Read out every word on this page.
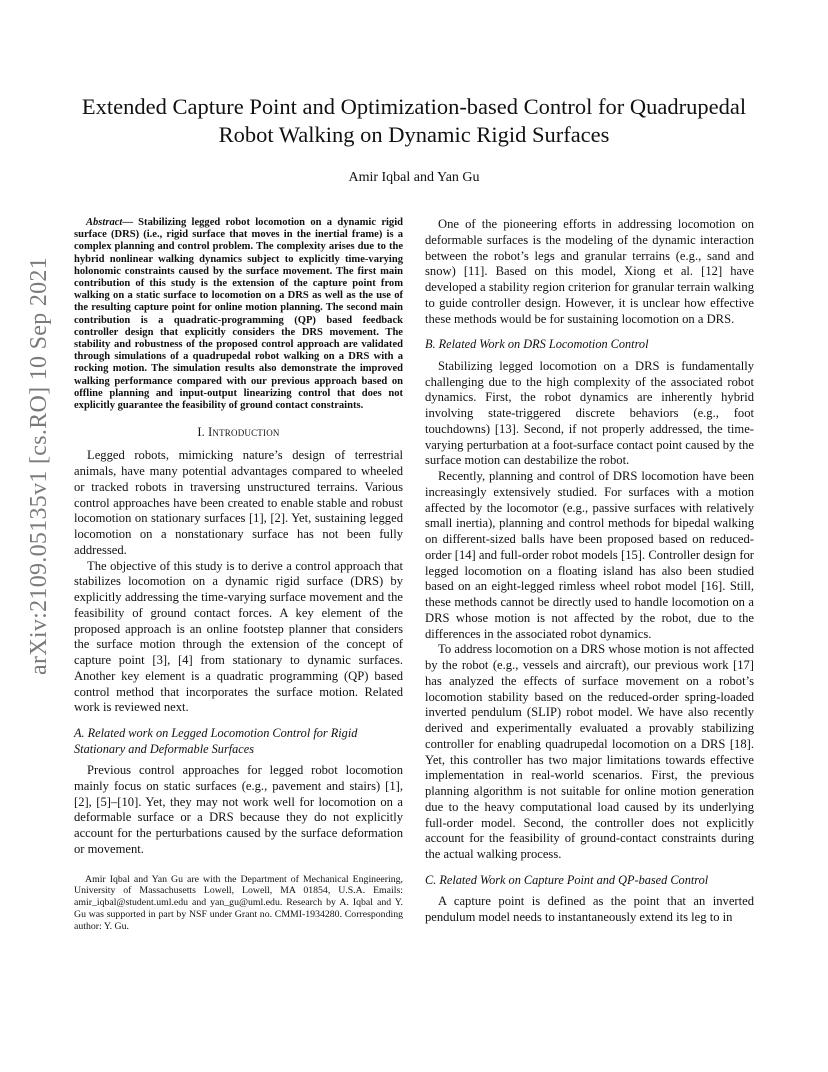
Extended Capture Point and Optimization-based Control for Quadrupedal Robot Walking on Dynamic Rigid Surfaces
Amir Iqbal and Yan Gu
arXiv:2109.05135v1 [cs.RO] 10 Sep 2021

Abstract— Stabilizing legged robot locomotion on a dynamic rigid surface (DRS) (i.e., rigid surface that moves in the inertial frame) is a complex planning and control problem. The complexity arises due to the hybrid nonlinear walking dynamics subject to explicitly time-varying holonomic constraints caused by the surface movement. The first main contribution of this study is the extension of the capture point from walking on a static surface to locomotion on a DRS as well as the use of the resulting capture point for online motion planning. The second main contribution is a quadratic-programming (QP) based feedback controller design that explicitly considers the DRS movement. The stability and robustness of the proposed control approach are validated through simulations of a quadrupedal robot walking on a DRS with a rocking motion. The simulation results also demonstrate the improved walking performance compared with our previous approach based on offline planning and input-output linearizing control that does not explicitly guarantee the feasibility of ground contact constraints.

I. Introduction

Legged robots, mimicking nature’s design of terrestrial animals, have many potential advantages compared to wheeled or tracked robots in traversing unstructured terrains. Various control approaches have been created to enable stable and robust locomotion on stationary surfaces [1], [2]. Yet, sustaining legged locomotion on a nonstationary surface has not been fully addressed.

The objective of this study is to derive a control approach that stabilizes locomotion on a dynamic rigid surface (DRS) by explicitly addressing the time-varying surface movement and the feasibility of ground contact forces. A key element of the proposed approach is an online footstep planner that considers the surface motion through the extension of the concept of capture point [3], [4] from stationary to dynamic surfaces. Another key element is a quadratic programming (QP) based control method that incorporates the surface motion. Related work is reviewed next.

A. Related work on Legged Locomotion Control for Rigid Stationary and Deformable Surfaces

Previous control approaches for legged robot locomotion mainly focus on static surfaces (e.g., pavement and stairs) [1], [2], [5]–[10]. Yet, they may not work well for locomotion on a deformable surface or a DRS because they do not explicitly account for the perturbations caused by the surface deformation or movement.

Amir Iqbal and Yan Gu are with the Department of Mechanical Engineering, University of Massachusetts Lowell, Lowell, MA 01854, U.S.A. Emails: amir_iqbal@student.uml.edu and yan_gu@uml.edu. Research by A. Iqbal and Y. Gu was supported in part by NSF under Grant no. CMMI-1934280. Corresponding author: Y. Gu.

One of the pioneering efforts in addressing locomotion on deformable surfaces is the modeling of the dynamic interaction between the robot’s legs and granular terrains (e.g., sand and snow) [11]. Based on this model, Xiong et al. [12] have developed a stability region criterion for granular terrain walking to guide controller design. However, it is unclear how effective these methods would be for sustaining locomotion on a DRS.

B. Related Work on DRS Locomotion Control

Stabilizing legged locomotion on a DRS is fundamentally challenging due to the high complexity of the associated robot dynamics. First, the robot dynamics are inherently hybrid involving state-triggered discrete behaviors (e.g., foot touchdowns) [13]. Second, if not properly addressed, the time-varying perturbation at a foot-surface contact point caused by the surface motion can destabilize the robot.

Recently, planning and control of DRS locomotion have been increasingly extensively studied. For surfaces with a motion affected by the locomotor (e.g., passive surfaces with relatively small inertia), planning and control methods for bipedal walking on different-sized balls have been proposed based on reduced-order [14] and full-order robot models [15]. Controller design for legged locomotion on a floating island has also been studied based on an eight-legged rimless wheel robot model [16]. Still, these methods cannot be directly used to handle locomotion on a DRS whose motion is not affected by the robot, due to the differences in the associated robot dynamics.

To address locomotion on a DRS whose motion is not affected by the robot (e.g., vessels and aircraft), our previous work [17] has analyzed the effects of surface movement on a robot’s locomotion stability based on the reduced-order spring-loaded inverted pendulum (SLIP) robot model. We have also recently derived and experimentally evaluated a provably stabilizing controller for enabling quadrupedal locomotion on a DRS [18]. Yet, this controller has two major limitations towards effective implementation in real-world scenarios. First, the previous planning algorithm is not suitable for online motion generation due to the heavy computational load caused by its underlying full-order model. Second, the controller does not explicitly account for the feasibility of ground-contact constraints during the actual walking process.

C. Related Work on Capture Point and QP-based Control

A capture point is defined as the point that an inverted pendulum model needs to instantaneously extend its leg to in
